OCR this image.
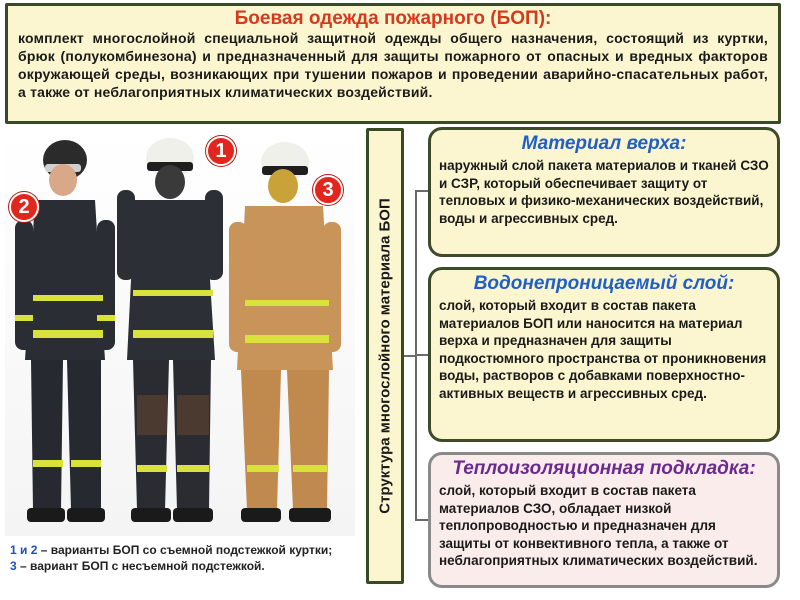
Боевая одежда пожарного (БОП):
комплект многослойной специальной защитной одежды общего назначения, состоящий из куртки, брюк (полукомбинезона) и предназначенный для защиты пожарного от опасных и вредных факторов окружающей среды, возникающих при тушении пожаров и проведении аварийно-спасательных работ, а также от неблагоприятных климатических воздействий.
1
2
3
1 и 2 – варианты БОП со съемной подстежкой куртки;
3 – вариант БОП с несъемной подстежкой.
Структура многослойного материала БОП
Материал верха:
наружный слой пакета материалов и тканей СЗО и СЗР, который обеспечивает защиту от тепловых и физико-механических воздействий, воды и агрессивных сред.
Водонепроницаемый слой:
слой, который входит в состав пакета материалов БОП или наносится на материал верха и предназначен для защиты подкостюмного пространства от проникновения воды, растворов с добавками поверхностно-активных веществ и агрессивных сред.
Теплоизоляционная подкладка:
слой, который входит в состав пакета материалов СЗО, обладает низкой теплопроводностью и предназначен для защиты от конвективного тепла, а также от неблагоприятных климатических воздействий.
